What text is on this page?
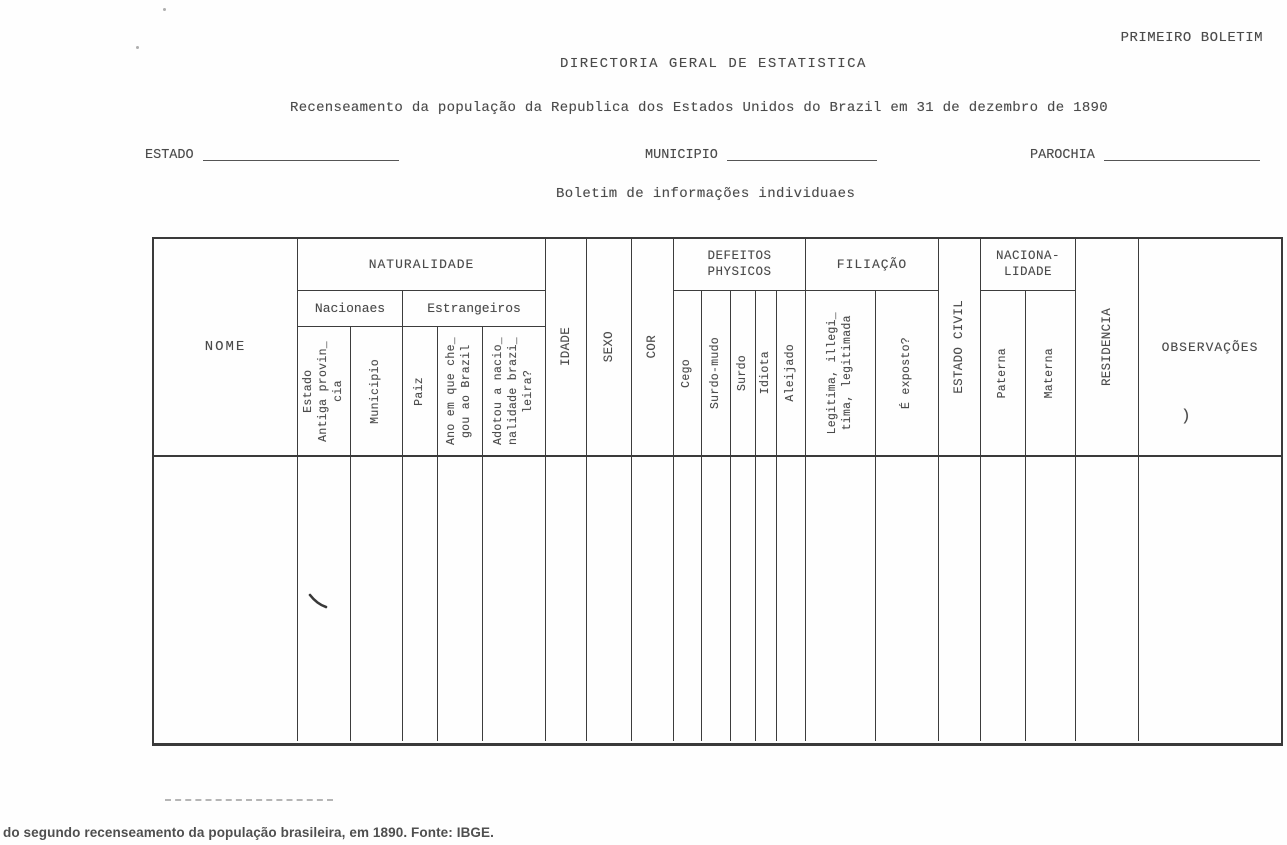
PRIMEIRO BOLETIM
DIRECTORIA GERAL DE ESTATISTICA
Recenseamento da população da Republica dos Estados Unidos do Brazil em 31 de dezembro de 1890
ESTADO	MUNICIPIO	PAROCHIA
Boletim de informações individuaes
NOME	IDADE SEXO COR	ESTADO CIVIL	RESIDENCIA	OBSERVAÇÕES
)
NATURALIDADE
DEFEITOS
PHYSICOS	FILIAÇÃO
NACIONA-
LIDADE
Nacionaes	Estrangeiros
Estado
Antiga provin_
cia Municipio	Paiz
Ano em que che_
gou ao Brazil
Adotou a nacio_
nalidade brazi_
leira?	Cego Surdo-mudo Surdo Idiota Aleijado	Legitima, illegi_
tima, legitimada	É exposto?	Paterna	Materna
do segundo recenseamento da população brasileira, em 1890. Fonte: IBGE.
